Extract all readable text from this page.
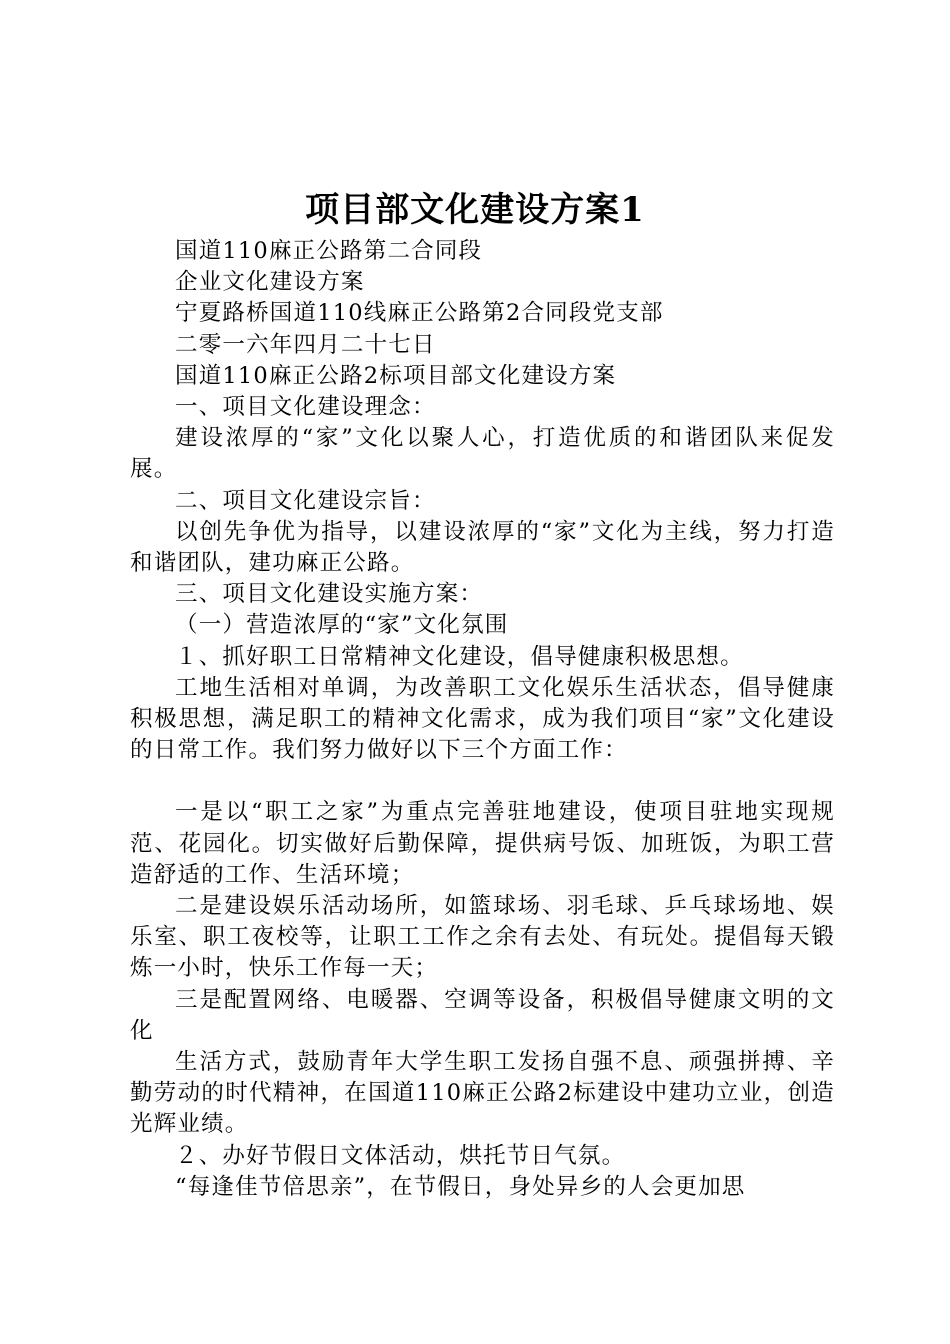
项目部文化建设方案1

国道110麻正公路第二合同段

企业文化建设方案

宁夏路桥国道110线麻正公路第2合同段党支部

二零一六年四月二十七日

国道110麻正公路2标项目部文化建设方案

一、项目文化建设理念：

建设浓厚的“家”文化以聚人心，打造优质的和谐团队来促发展。

二、项目文化建设宗旨：

以创先争优为指导，以建设浓厚的“家”文化为主线，努力打造和谐团队，建功麻正公路。

三、项目文化建设实施方案：

（一）营造浓厚的“家”文化氛围

１、抓好职工日常精神文化建设，倡导健康积极思想。

工地生活相对单调，为改善职工文化娱乐生活状态，倡导健康积极思想，满足职工的精神文化需求，成为我们项目“家”文化建设的日常工作。我们努力做好以下三个方面工作：

一是以“职工之家”为重点完善驻地建设，使项目驻地实现规范、花园化。切实做好后勤保障，提供病号饭、加班饭，为职工营造舒适的工作、生活环境；

二是建设娱乐活动场所，如篮球场、羽毛球、乒乓球场地、娱乐室、职工夜校等，让职工工作之余有去处、有玩处。提倡每天锻炼一小时，快乐工作每一天；

三是配置网络、电暖器、空调等设备，积极倡导健康文明的文化

生活方式，鼓励青年大学生职工发扬自强不息、顽强拼搏、辛勤劳动的时代精神，在国道110麻正公路2标建设中建功立业，创造光辉业绩。

２、办好节假日文体活动，烘托节日气氛。

“每逢佳节倍思亲”，在节假日，身处异乡的人会更加思
